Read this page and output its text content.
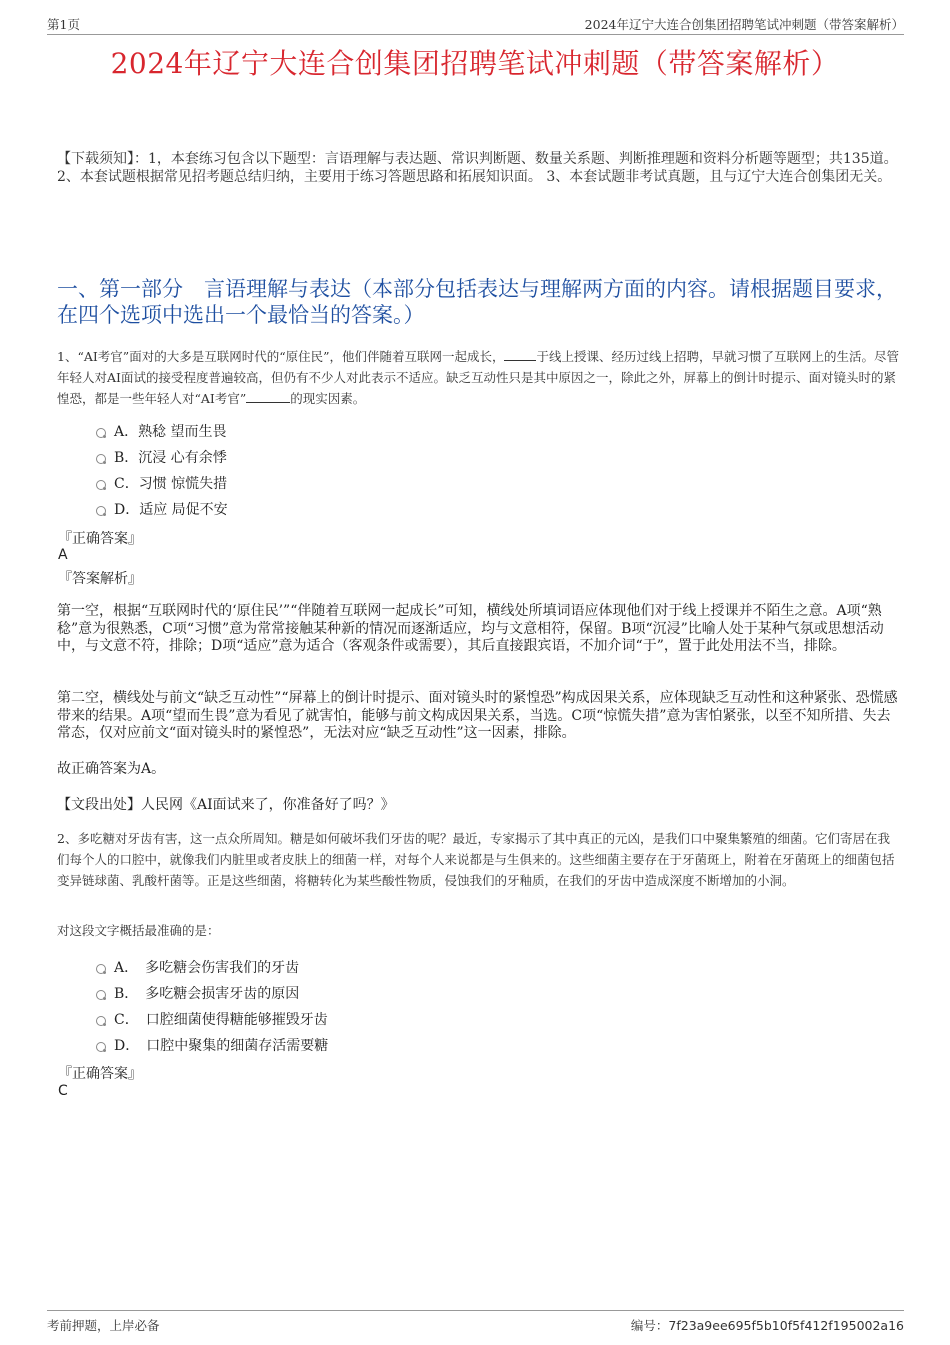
第1页	2024年辽宁大连合创集团招聘笔试冲刺题（带答案解析）
2024年辽宁大连合创集团招聘笔试冲刺题（带答案解析）
【下载须知】：1，本套练习包含以下题型：言语理解与表达题、常识判断题、数量关系题、判断推理题和资料分析题等题型；共135道。 2、本套试题根据常见招考题总结归纳，主要用于练习答题思路和拓展知识面。 3、本套试题非考试真题，且与辽宁大连合创集团无关。
一、第一部分　言语理解与表达（本部分包括表达与理解两方面的内容。请根据题目要求，在四个选项中选出一个最恰当的答案。）
1、“AI考官”面对的大多是互联网时代的“原住民”，他们伴随着互联网一起成长，	于线上授课、经历过线上招聘，早就习惯了互联网上的生活。尽管年轻人对AI面试的接受程度普遍较高，但仍有不少人对此表示不适应。缺乏互动性只是其中原因之一，除此之外，屏幕上的倒计时提示、面对镜头时的紧惶恐，都是一些年轻人对“AI考官”	的现实因素。
A．熟稔 望而生畏
B．沉浸 心有余悸
C．习惯 惊慌失措
D．适应 局促不安
『正确答案』
A
『答案解析』
第一空，根据“互联网时代的‘原住民’”“伴随着互联网一起成长”可知，横线处所填词语应体现他们对于线上授课并不陌生之意。A项“熟稔”意为很熟悉，C项“习惯”意为常常接触某种新的情况而逐渐适应，均与文意相符，保留。B项“沉浸”比喻人处于某种气氛或思想活动中，与文意不符，排除；D项“适应”意为适合（客观条件或需要），其后直接跟宾语，不加介词“于”，置于此处用法不当，排除。
第二空，横线处与前文“缺乏互动性”“屏幕上的倒计时提示、面对镜头时的紧惶恐”构成因果关系，应体现缺乏互动性和这种紧张、恐慌感带来的结果。A项“望而生畏”意为看见了就害怕，能够与前文构成因果关系，当选。C项“惊慌失措”意为害怕紧张，以至不知所措、失去常态，仅对应前文“面对镜头时的紧惶恐”，无法对应“缺乏互动性”这一因素，排除。
故正确答案为A。
【文段出处】人民网《AI面试来了，你准备好了吗？》
2、多吃糖对牙齿有害，这一点众所周知。糖是如何破坏我们牙齿的呢？最近，专家揭示了其中真正的元凶，是我们口中聚集繁殖的细菌。它们寄居在我们每个人的口腔中，就像我们内脏里或者皮肤上的细菌一样，对每个人来说都是与生俱来的。这些细菌主要存在于牙菌斑上，附着在牙菌斑上的细菌包括变异链球菌、乳酸杆菌等。正是这些细菌，将糖转化为某些酸性物质，侵蚀我们的牙釉质，在我们的牙齿中造成深度不断增加的小洞。
对这段文字概括最准确的是：
A．　多吃糖会伤害我们的牙齿
B．　多吃糖会损害牙齿的原因
C．　口腔细菌使得糖能够摧毁牙齿
D．　口腔中聚集的细菌存活需要糖
『正确答案』
C
考前押题，上岸必备	编号：7f23a9ee695f5b10f5f412f195002a16
